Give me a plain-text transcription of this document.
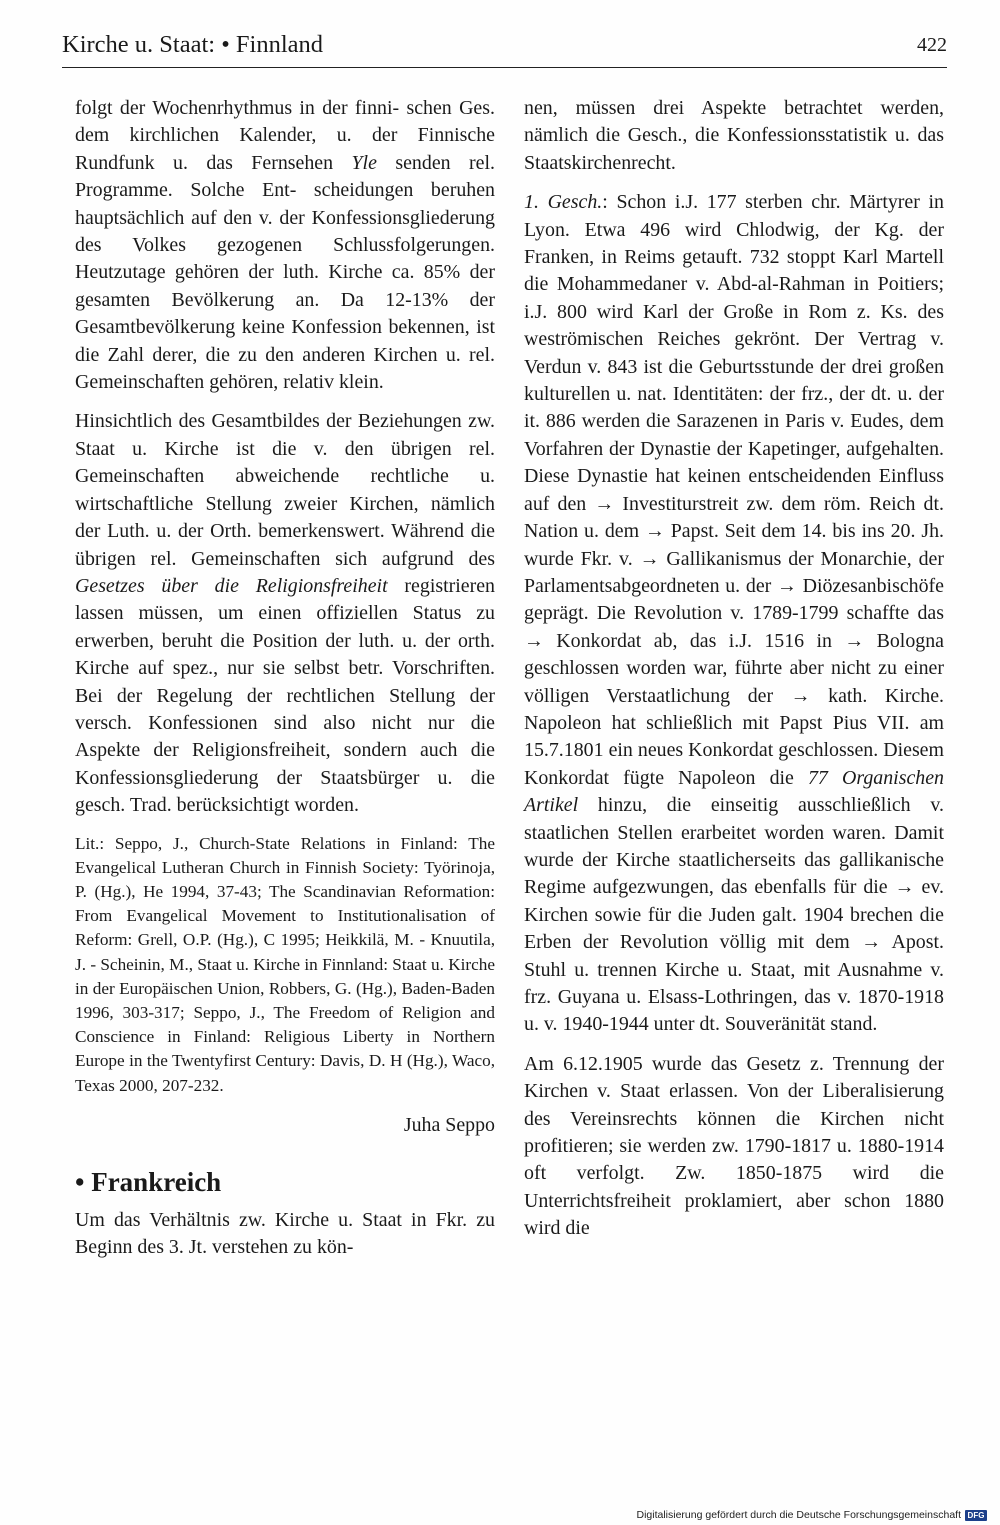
Kirche u. Staat: • Finnland	422

folgt der Wochenrhythmus in der finni- schen Ges. dem kirchlichen Kalender, u. der Finnische Rundfunk u. das Fernsehen Yle senden rel. Programme. Solche Ent- scheidungen beruhen hauptsächlich auf den v. der Konfessionsgliederung des Volkes gezogenen Schlussfolgerungen. Heutzutage gehören der luth. Kirche ca. 85% der gesamten Bevölkerung an. Da 12-13% der Gesamtbevölkerung keine Konfession bekennen, ist die Zahl derer, die zu den anderen Kirchen u. rel. Gemeinschaften gehören, relativ klein.

Hinsichtlich des Gesamtbildes der Beziehungen zw. Staat u. Kirche ist die v. den übrigen rel. Gemeinschaften abweichende rechtliche u. wirtschaftliche Stellung zweier Kirchen, nämlich der Luth. u. der Orth. bemerkenswert. Während die übrigen rel. Gemeinschaften sich aufgrund des Gesetzes über die Religionsfreiheit registrieren lassen müssen, um einen offiziellen Status zu erwerben, beruht die Position der luth. u. der orth. Kirche auf spez., nur sie selbst betr. Vorschriften. Bei der Regelung der rechtlichen Stellung der versch. Konfessionen sind also nicht nur die Aspekte der Religionsfreiheit, sondern auch die Konfessionsgliederung der Staatsbürger u. die gesch. Trad. berücksichtigt worden.

Lit.: Seppo, J., Church-State Relations in Finland: The Evangelical Lutheran Church in Finnish Society: Työrinoja, P. (Hg.), He 1994, 37-43; The Scandinavian Reformation: From Evangelical Movement to Institutionalisation of Reform: Grell, O.P. (Hg.), C 1995; Heikkilä, M. - Knuutila, J. - Scheinin, M., Staat u. Kirche in Finnland: Staat u. Kirche in der Europäischen Union, Robbers, G. (Hg.), Baden-Baden 1996, 303-317; Seppo, J., The Freedom of Religion and Conscience in Finland: Religious Liberty in Northern Europe in the Twentyfirst Century: Davis, D. H (Hg.), Waco, Texas 2000, 207-232.
Juha Seppo
• Frankreich

Um das Verhältnis zw. Kirche u. Staat in Fkr. zu Beginn des 3. Jt. verstehen zu kön-

nen, müssen drei Aspekte betrachtet werden, nämlich die Gesch., die Konfessionsstatistik u. das Staatskirchenrecht.

1. Gesch.: Schon i.J. 177 sterben chr. Märtyrer in Lyon. Etwa 496 wird Chlodwig, der Kg. der Franken, in Reims getauft. 732 stoppt Karl Martell die Mohammedaner v. Abd-al-Rahman in Poitiers; i.J. 800 wird Karl der Große in Rom z. Ks. des weströmischen Reiches gekrönt. Der Vertrag v. Verdun v. 843 ist die Geburtsstunde der drei großen kulturellen u. nat. Identitäten: der frz., der dt. u. der it. 886 werden die Sarazenen in Paris v. Eudes, dem Vorfahren der Dynastie der Kapetinger, aufgehalten. Diese Dynastie hat keinen entscheidenden Einfluss auf den → Investiturstreit zw. dem röm. Reich dt. Nation u. dem → Papst. Seit dem 14. bis ins 20. Jh. wurde Fkr. v. → Gallikanismus der Monarchie, der Parlamentsabgeordneten u. der → Diözesanbischöfe geprägt. Die Revolution v. 1789-1799 schaffte das → Konkordat ab, das i.J. 1516 in → Bologna geschlossen worden war, führte aber nicht zu einer völligen Verstaatlichung der → kath. Kirche. Napoleon hat schließlich mit Papst Pius VII. am 15.7.1801 ein neues Konkordat geschlossen. Diesem Konkordat fügte Napoleon die 77 Organischen Artikel hinzu, die einseitig ausschließlich v. staatlichen Stellen erarbeitet worden waren. Damit wurde der Kirche staatlicherseits das gallikanische Regime aufgezwungen, das ebenfalls für die → ev. Kirchen sowie für die Juden galt. 1904 brechen die Erben der Revolution völlig mit dem → Apost. Stuhl u. trennen Kirche u. Staat, mit Ausnahme v. frz. Guyana u. Elsass-Lothringen, das v. 1870-1918 u. v. 1940-1944 unter dt. Souveränität stand.

Am 6.12.1905 wurde das Gesetz z. Trennung der Kirchen v. Staat erlassen. Von der Liberalisierung des Vereinsrechts können die Kirchen nicht profitieren; sie werden zw. 1790-1817 u. 1880-1914 oft verfolgt. Zw. 1850-1875 wird die Unterrichtsfreiheit proklamiert, aber schon 1880 wird die

Digitalisierung gefördert durch die Deutsche Forschungsgemeinschaft DFG
